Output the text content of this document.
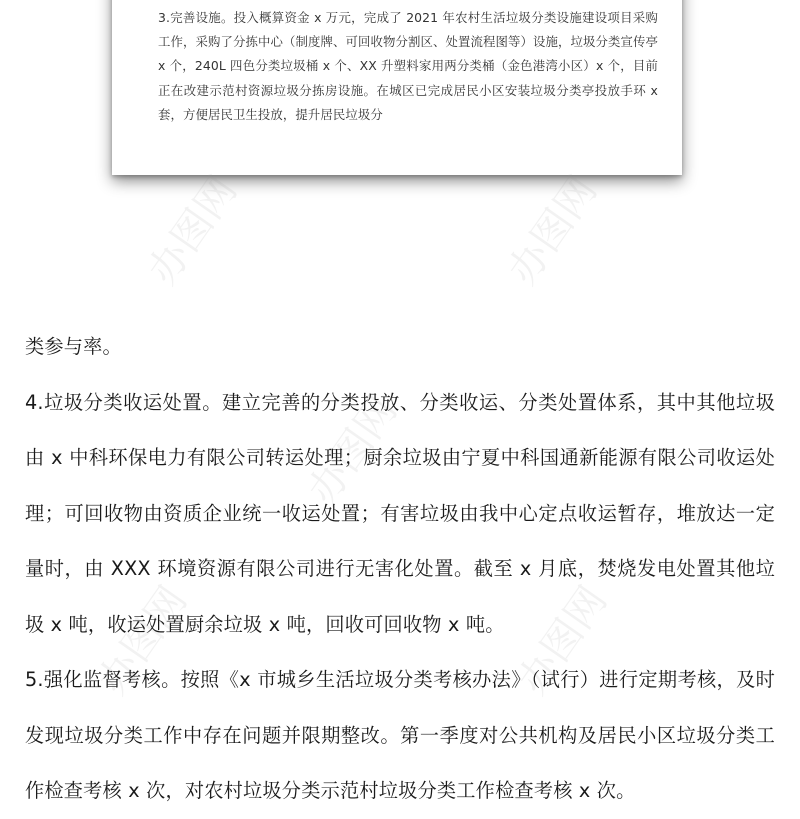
3.完善设施。投入概算资金 x 万元，完成了 2021 年农村生活垃圾分类设施建设项目采购工作，采购了分拣中心（制度牌、可回收物分割区、处置流程图等）设施，垃圾分类宣传亭 x 个，240L 四色分类垃圾桶 x 个、XX 升塑料家用两分类桶（金色港湾小区）x 个，目前正在改建示范村资源垃圾分拣房设施。在城区已完成居民小区安装垃圾分类亭投放手环 x 套，方便居民卫生投放，提升居民垃圾分

办图网	办图网
办图网
办图网	办图网

类参与率。

4.垃圾分类收运处置。建立完善的分类投放、分类收运、分类处置体系，其中其他垃圾由 x 中科环保电力有限公司转运处理；厨余垃圾由宁夏中科国通新能源有限公司收运处理；可回收物由资质企业统一收运处置；有害垃圾由我中心定点收运暂存，堆放达一定量时，由 XXX 环境资源有限公司进行无害化处置。截至 x 月底，焚烧发电处置其他垃圾 x 吨，收运处置厨余垃圾 x 吨，回收可回收物 x 吨。

5.强化监督考核。按照《x 市城乡生活垃圾分类考核办法》（试行）进行定期考核，及时发现垃圾分类工作中存在问题并限期整改。第一季度对公共机构及居民小区垃圾分类工作检查考核 x 次，对农村垃圾分类示范村垃圾分类工作检查考核 x 次。
